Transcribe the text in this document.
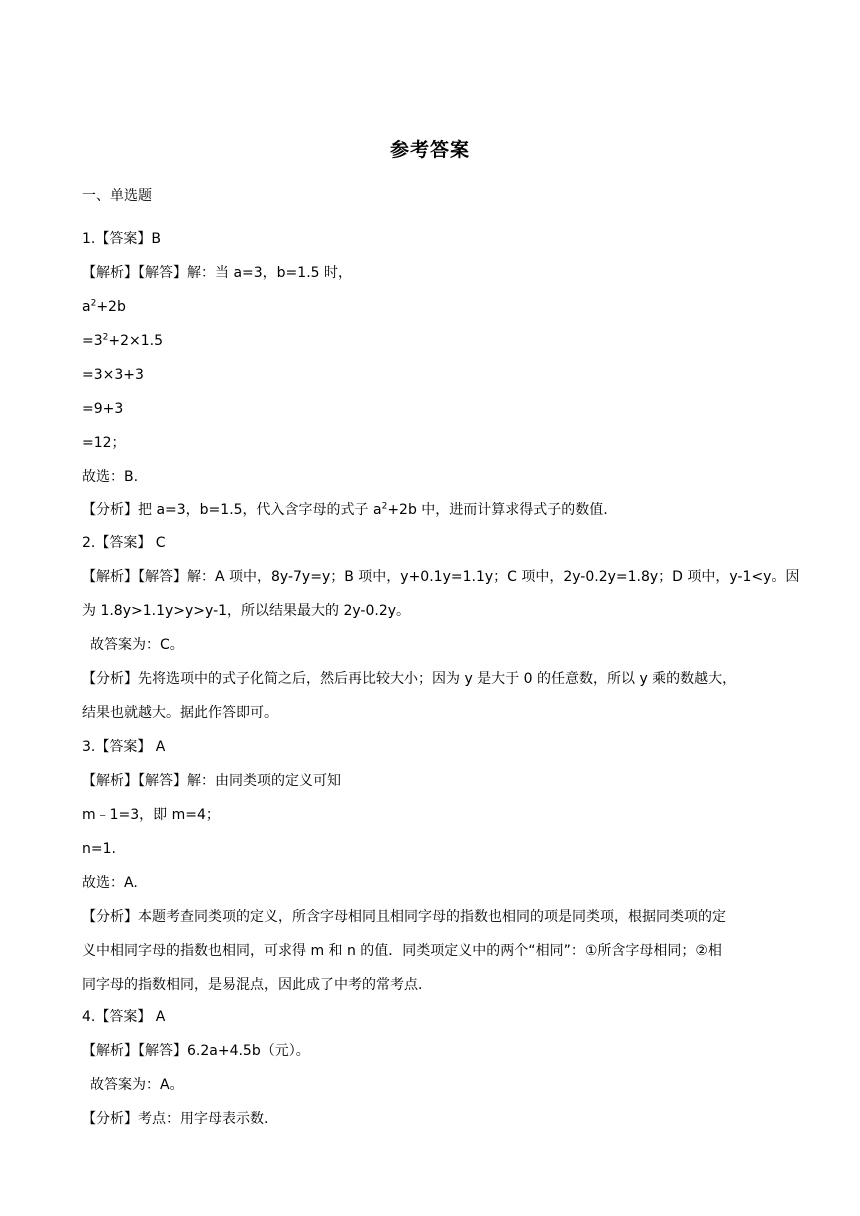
参考答案
一、单选题
1.【答案】B
【解析】【解答】解：当 a=3，b=1.5 时，
$a^2+2b$
$=3^2+2\times 1.5$
=3×3+3
=9+3
=12；
故选：B.
【分析】把 a=3，b=1.5，代入含字母的式子 $a^2+2b$ 中，进而计算求得式子的数值.
2.【答案】 C
【解析】【解答】解：A 项中，8y-7y=y；B 项中，y+0.1y=1.1y；C 项中，2y-0.2y=1.8y；D 项中，y-1<y。因
为 1.8y>1.1y>y>y-1，所以结果最大的 2y-0.2y。
故答案为：C。
【分析】先将选项中的式子化简之后，然后再比较大小；因为 y 是大于 0 的任意数，所以 y 乘的数越大，
结果也就越大。据此作答即可。
3.【答案】 A
【解析】【解答】解：由同类项的定义可知
m﹣1=3，即 m=4；
n=1.
故选：A.
【分析】本题考查同类项的定义，所含字母相同且相同字母的指数也相同的项是同类项，根据同类项的定
义中相同字母的指数也相同，可求得 m 和 n 的值．同类项定义中的两个“相同”：①所含字母相同；②相
同字母的指数相同，是易混点，因此成了中考的常考点.
4.【答案】 A
【解析】【解答】6.2a+4.5b（元）。
故答案为：A。
【分析】考点：用字母表示数.
